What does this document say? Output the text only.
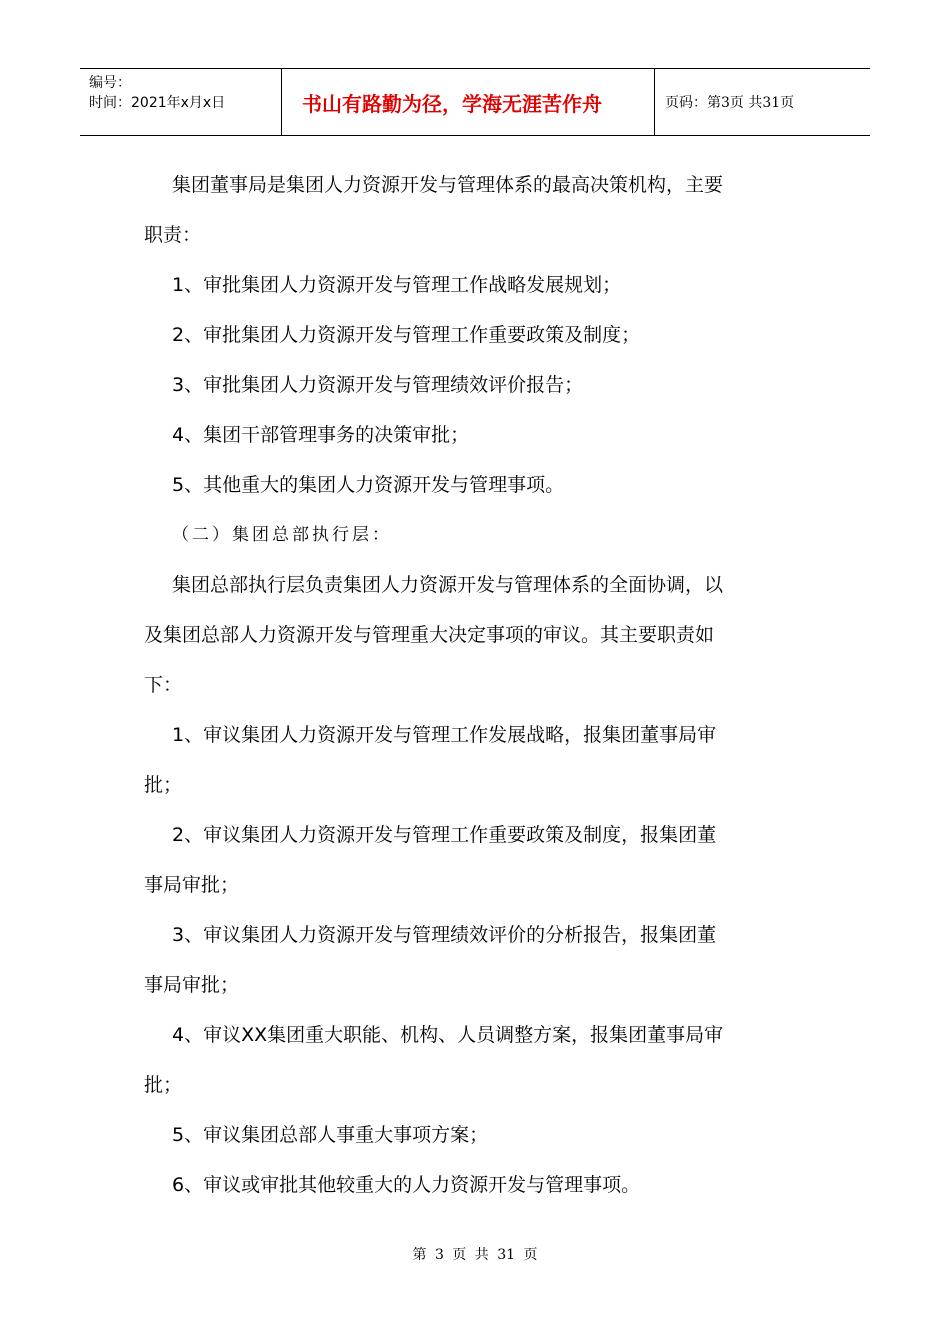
编号：
时间：2021年x月x日	书山有路勤为径，学海无涯苦作舟	页码：第3页 共31页

集团董事局是集团人力资源开发与管理体系的最高决策机构，主要

职责：

1、审批集团人力资源开发与管理工作战略发展规划；

2、审批集团人力资源开发与管理工作重要政策及制度；

3、审批集团人力资源开发与管理绩效评价报告；

4、集团干部管理事务的决策审批；

5、其他重大的集团人力资源开发与管理事项。

（二）集团总部执行层：

集团总部执行层负责集团人力资源开发与管理体系的全面协调，以

及集团总部人力资源开发与管理重大决定事项的审议。其主要职责如

下：

1、审议集团人力资源开发与管理工作发展战略，报集团董事局审

批；

2、审议集团人力资源开发与管理工作重要政策及制度，报集团董

事局审批；

3、审议集团人力资源开发与管理绩效评价的分析报告，报集团董

事局审批；

4、审议XX集团重大职能、机构、人员调整方案，报集团董事局审

批；

5、审议集团总部人事重大事项方案；

6、审议或审批其他较重大的人力资源开发与管理事项。

第 3 页 共 31 页
